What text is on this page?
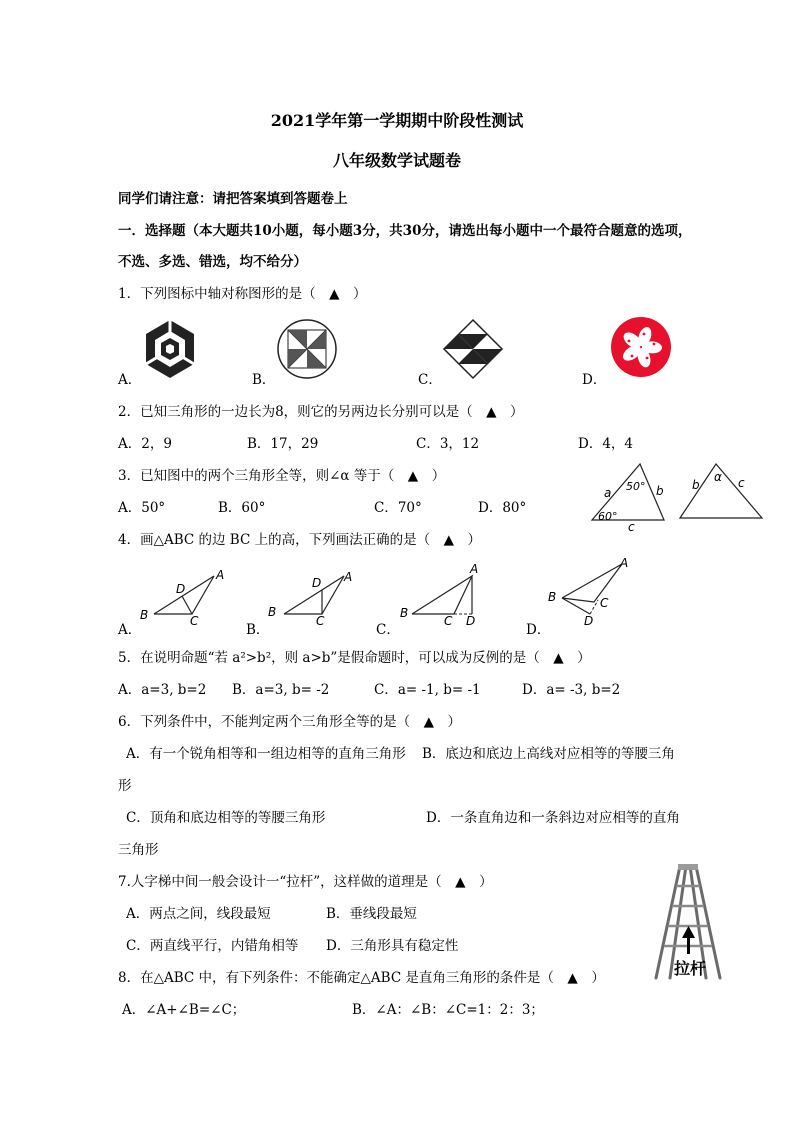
2021学年第一学期期中阶段性测试
八年级数学试题卷
同学们请注意：请把答案填到答题卷上
一．选择题（本大题共10小题，每小题3分，共30分，请选出每小题中一个最符合题意的选项，
不选、多选、错选，均不给分）
1．下列图标中轴对称图形的是（　▲　）
A．	B．	C．	D．
2．已知三角形的一边长为8，则它的另两边长分别可以是（　▲　）
A．2，9	B．17，29	C．3，12	D．4，4
3．已知图中的两个三角形全等，则∠α 等于（　▲　）
A．50°	B．60°	C．70°	D．80°
a 50° b
60°
c
b
α c
4．画△ABC 的边 BC 上的高，下列画法正确的是（　▲　）
A．	B．	C．	D．
B
A
D
C
B
A
D
C
B
A
C D
B
A
C
D
5．在说明命题“若 a²>b²，则 a>b”是假命题时，可以成为反例的是（　▲　）
A．a=3, b=2 B．a=3, b= -2	C．a= -1, b= -1	D．a= -3, b=2
6．下列条件中，不能判定两个三角形全等的是（　▲　）
A．有一个锐角相等和一组边相等的直角三角形 B．底边和底边上高线对应相等的等腰三角
形
C．顶角和底边相等的等腰三角形	D．一条直角边和一条斜边对应相等的直角
三角形
7.人字梯中间一般会设计一“拉杆”，这样做的道理是（　▲　）
A．两点之间，线段最短	B．垂线段最短
C．两直线平行，内错角相等 D．三角形具有稳定性
拉杆
8．在△ABC 中，有下列条件：不能确定△ABC 是直角三角形的条件是（　▲　）
A．∠A+∠B=∠C；	B．∠A：∠B：∠C=1：2：3；
